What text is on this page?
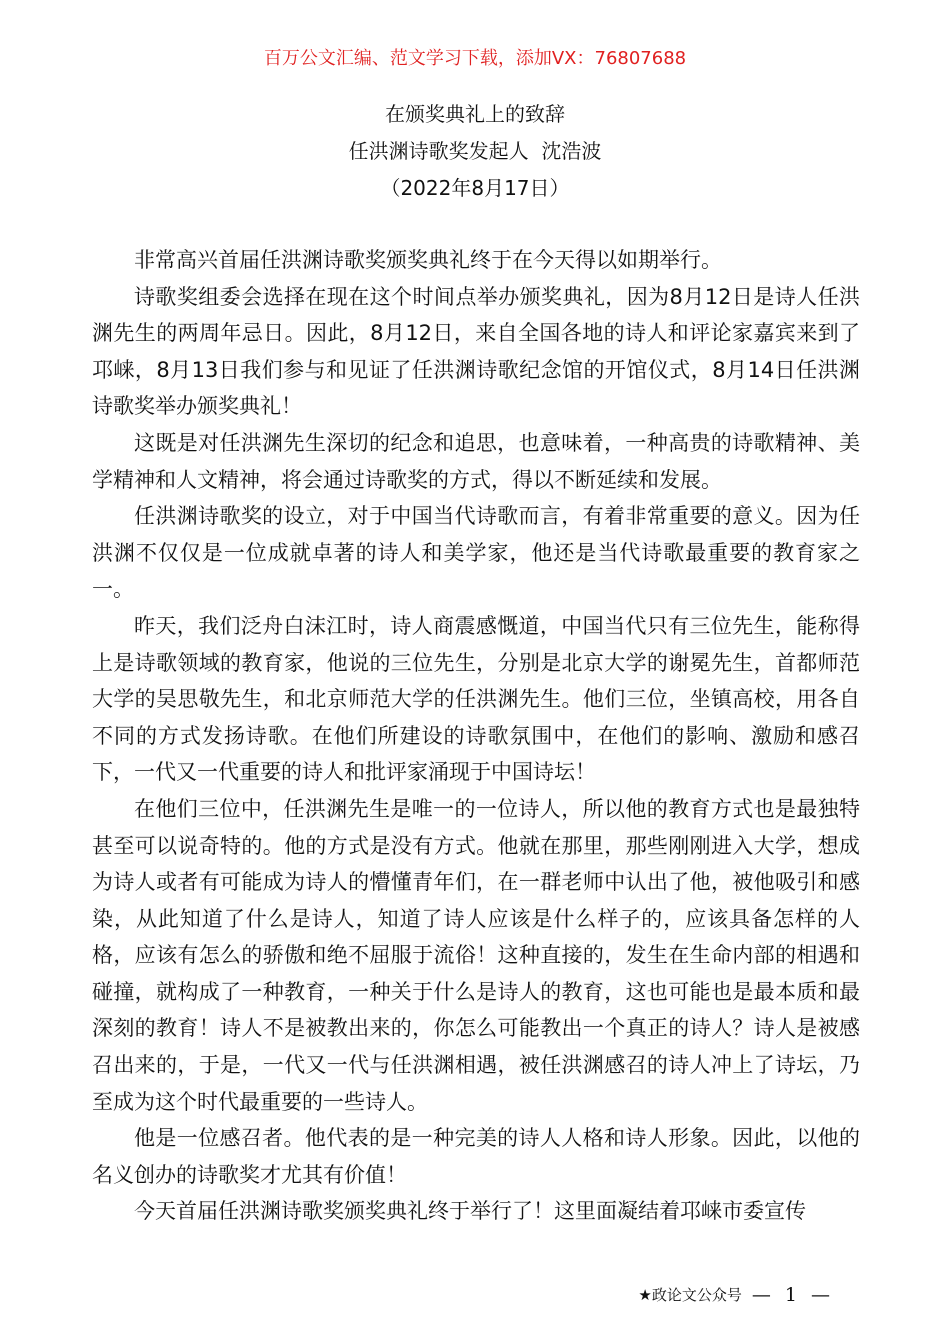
百万公文汇编、范文学习下载，添加VX：76807688
在颁奖典礼上的致辞
任洪渊诗歌奖发起人  沈浩波
（2022年8月17日）

非常高兴首届任洪渊诗歌奖颁奖典礼终于在今天得以如期举行。

诗歌奖组委会选择在现在这个时间点举办颁奖典礼，因为8月12日是诗人任洪渊先生的两周年忌日。因此，8月12日，来自全国各地的诗人和评论家嘉宾来到了邛崃，8月13日我们参与和见证了任洪渊诗歌纪念馆的开馆仪式，8月14日任洪渊诗歌奖举办颁奖典礼！

这既是对任洪渊先生深切的纪念和追思，也意味着，一种高贵的诗歌精神、美学精神和人文精神，将会通过诗歌奖的方式，得以不断延续和发展。

任洪渊诗歌奖的设立，对于中国当代诗歌而言，有着非常重要的意义。因为任洪渊不仅仅是一位成就卓著的诗人和美学家，他还是当代诗歌最重要的教育家之一。

昨天，我们泛舟白沫江时，诗人商震感慨道，中国当代只有三位先生，能称得上是诗歌领域的教育家，他说的三位先生，分别是北京大学的谢冕先生，首都师范大学的吴思敬先生，和北京师范大学的任洪渊先生。他们三位，坐镇高校，用各自不同的方式发扬诗歌。在他们所建设的诗歌氛围中，在他们的影响、激励和感召下，一代又一代重要的诗人和批评家涌现于中国诗坛！

在他们三位中，任洪渊先生是唯一的一位诗人，所以他的教育方式也是最独特甚至可以说奇特的。他的方式是没有方式。他就在那里，那些刚刚进入大学，想成为诗人或者有可能成为诗人的懵懂青年们，在一群老师中认出了他，被他吸引和感染，从此知道了什么是诗人，知道了诗人应该是什么样子的，应该具备怎样的人格，应该有怎么的骄傲和绝不屈服于流俗！这种直接的，发生在生命内部的相遇和碰撞，就构成了一种教育，一种关于什么是诗人的教育，这也可能也是最本质和最深刻的教育！诗人不是被教出来的，你怎么可能教出一个真正的诗人？诗人是被感召出来的，于是，一代又一代与任洪渊相遇，被任洪渊感召的诗人冲上了诗坛，乃至成为这个时代最重要的一些诗人。

他是一位感召者。他代表的是一种完美的诗人人格和诗人形象。因此，以他的名义创办的诗歌奖才尤其有价值！

今天首届任洪渊诗歌奖颁奖典礼终于举行了！这里面凝结着邛崃市委宣传

★政论文公众号 — 1 —
